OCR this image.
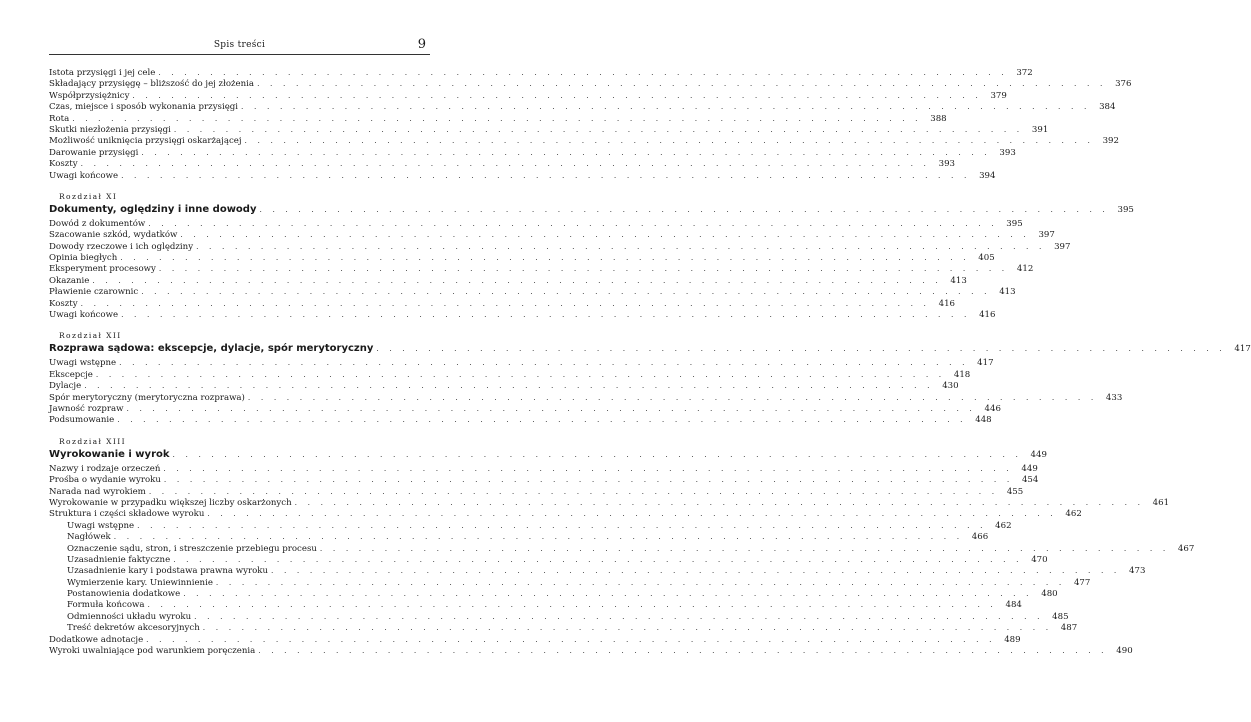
Spis treści	9
Istota przysięgi i jej cele . . . . . . . . . . . . . . . . . . . . . . . . . . . . . . . . . . . . . . . . . . . . . . . . . . . . . . . . . . . . . . . . . . 372
Składający przysięgę – bliższość do jej złożenia . . . . . . . . . . . . . . . . . . . . . . . . . . . . . . . . . . . . . . . . . . . . . . . . . . . . . . . . . . . . . . . . . . 376
Współprzysiężnicy . . . . . . . . . . . . . . . . . . . . . . . . . . . . . . . . . . . . . . . . . . . . . . . . . . . . . . . . . . . . . . . . . . 379
Czas, miejsce i sposób wykonania przysięgi . . . . . . . . . . . . . . . . . . . . . . . . . . . . . . . . . . . . . . . . . . . . . . . . . . . . . . . . . . . . . . . . . . 384
Rota . . . . . . . . . . . . . . . . . . . . . . . . . . . . . . . . . . . . . . . . . . . . . . . . . . . . . . . . . . . . . . . . . . 388
Skutki niezłożenia przysięgi . . . . . . . . . . . . . . . . . . . . . . . . . . . . . . . . . . . . . . . . . . . . . . . . . . . . . . . . . . . . . . . . . . 391
Możliwość uniknięcia przysięgi oskarżającej . . . . . . . . . . . . . . . . . . . . . . . . . . . . . . . . . . . . . . . . . . . . . . . . . . . . . . . . . . . . . . . . . . 392
Darowanie przysięgi . . . . . . . . . . . . . . . . . . . . . . . . . . . . . . . . . . . . . . . . . . . . . . . . . . . . . . . . . . . . . . . . . . 393
Koszty . . . . . . . . . . . . . . . . . . . . . . . . . . . . . . . . . . . . . . . . . . . . . . . . . . . . . . . . . . . . . . . . . . 393
Uwagi końcowe . . . . . . . . . . . . . . . . . . . . . . . . . . . . . . . . . . . . . . . . . . . . . . . . . . . . . . . . . . . . . . . . . . 394
Rozdział XI
Dokumenty, oględziny i inne dowody . . . . . . . . . . . . . . . . . . . . . . . . . . . . . . . . . . . . . . . . . . . . . . . . . . . . . . . . . . . . . . . . . . 395
Dowód z dokumentów . . . . . . . . . . . . . . . . . . . . . . . . . . . . . . . . . . . . . . . . . . . . . . . . . . . . . . . . . . . . . . . . . . 395
Szacowanie szkód, wydatków . . . . . . . . . . . . . . . . . . . . . . . . . . . . . . . . . . . . . . . . . . . . . . . . . . . . . . . . . . . . . . . . . . 397
Dowody rzeczowe i ich oględziny . . . . . . . . . . . . . . . . . . . . . . . . . . . . . . . . . . . . . . . . . . . . . . . . . . . . . . . . . . . . . . . . . . 397
Opinia biegłych . . . . . . . . . . . . . . . . . . . . . . . . . . . . . . . . . . . . . . . . . . . . . . . . . . . . . . . . . . . . . . . . . . 405
Eksperyment procesowy . . . . . . . . . . . . . . . . . . . . . . . . . . . . . . . . . . . . . . . . . . . . . . . . . . . . . . . . . . . . . . . . . . 412
Okazanie . . . . . . . . . . . . . . . . . . . . . . . . . . . . . . . . . . . . . . . . . . . . . . . . . . . . . . . . . . . . . . . . . . 413
Pławienie czarownic . . . . . . . . . . . . . . . . . . . . . . . . . . . . . . . . . . . . . . . . . . . . . . . . . . . . . . . . . . . . . . . . . . 413
Koszty . . . . . . . . . . . . . . . . . . . . . . . . . . . . . . . . . . . . . . . . . . . . . . . . . . . . . . . . . . . . . . . . . . 416
Uwagi końcowe . . . . . . . . . . . . . . . . . . . . . . . . . . . . . . . . . . . . . . . . . . . . . . . . . . . . . . . . . . . . . . . . . . 416
Rozdział XII
Rozprawa sądowa: ekscepcje, dylacje, spór merytoryczny . . . . . . . . . . . . . . . . . . . . . . . . . . . . . . . . . . . . . . . . . . . . . . . . . . . . . . . . . . . . . . . . . . 417
Uwagi wstępne . . . . . . . . . . . . . . . . . . . . . . . . . . . . . . . . . . . . . . . . . . . . . . . . . . . . . . . . . . . . . . . . . . 417
Ekscepcje . . . . . . . . . . . . . . . . . . . . . . . . . . . . . . . . . . . . . . . . . . . . . . . . . . . . . . . . . . . . . . . . . . 418
Dylacje . . . . . . . . . . . . . . . . . . . . . . . . . . . . . . . . . . . . . . . . . . . . . . . . . . . . . . . . . . . . . . . . . . 430
Spór merytoryczny (merytoryczna rozprawa) . . . . . . . . . . . . . . . . . . . . . . . . . . . . . . . . . . . . . . . . . . . . . . . . . . . . . . . . . . . . . . . . . . 433
Jawność rozpraw . . . . . . . . . . . . . . . . . . . . . . . . . . . . . . . . . . . . . . . . . . . . . . . . . . . . . . . . . . . . . . . . . . 446
Podsumowanie . . . . . . . . . . . . . . . . . . . . . . . . . . . . . . . . . . . . . . . . . . . . . . . . . . . . . . . . . . . . . . . . . . 448
Rozdział XIII
Wyrokowanie i wyrok . . . . . . . . . . . . . . . . . . . . . . . . . . . . . . . . . . . . . . . . . . . . . . . . . . . . . . . . . . . . . . . . . . 449
Nazwy i rodzaje orzeczeń . . . . . . . . . . . . . . . . . . . . . . . . . . . . . . . . . . . . . . . . . . . . . . . . . . . . . . . . . . . . . . . . . . 449
Prośba o wydanie wyroku . . . . . . . . . . . . . . . . . . . . . . . . . . . . . . . . . . . . . . . . . . . . . . . . . . . . . . . . . . . . . . . . . . 454
Narada nad wyrokiem . . . . . . . . . . . . . . . . . . . . . . . . . . . . . . . . . . . . . . . . . . . . . . . . . . . . . . . . . . . . . . . . . . 455
Wyrokowanie w przypadku większej liczby oskarżonych . . . . . . . . . . . . . . . . . . . . . . . . . . . . . . . . . . . . . . . . . . . . . . . . . . . . . . . . . . . . . . . . . . 461
Struktura i części składowe wyroku . . . . . . . . . . . . . . . . . . . . . . . . . . . . . . . . . . . . . . . . . . . . . . . . . . . . . . . . . . . . . . . . . . 462
Uwagi wstępne . . . . . . . . . . . . . . . . . . . . . . . . . . . . . . . . . . . . . . . . . . . . . . . . . . . . . . . . . . . . . . . . . . 462
Nagłówek . . . . . . . . . . . . . . . . . . . . . . . . . . . . . . . . . . . . . . . . . . . . . . . . . . . . . . . . . . . . . . . . . . 466
Oznaczenie sądu, stron, i streszczenie przebiegu procesu . . . . . . . . . . . . . . . . . . . . . . . . . . . . . . . . . . . . . . . . . . . . . . . . . . . . . . . . . . . . . . . . . . 467
Uzasadnienie faktyczne . . . . . . . . . . . . . . . . . . . . . . . . . . . . . . . . . . . . . . . . . . . . . . . . . . . . . . . . . . . . . . . . . . 470
Uzasadnienie kary i podstawa prawna wyroku . . . . . . . . . . . . . . . . . . . . . . . . . . . . . . . . . . . . . . . . . . . . . . . . . . . . . . . . . . . . . . . . . . 473
Wymierzenie kary. Uniewinnienie . . . . . . . . . . . . . . . . . . . . . . . . . . . . . . . . . . . . . . . . . . . . . . . . . . . . . . . . . . . . . . . . . . 477
Postanowienia dodatkowe . . . . . . . . . . . . . . . . . . . . . . . . . . . . . . . . . . . . . . . . . . . . . . . . . . . . . . . . . . . . . . . . . . 480
Formuła końcowa . . . . . . . . . . . . . . . . . . . . . . . . . . . . . . . . . . . . . . . . . . . . . . . . . . . . . . . . . . . . . . . . . . 484
Odmienności układu wyroku . . . . . . . . . . . . . . . . . . . . . . . . . . . . . . . . . . . . . . . . . . . . . . . . . . . . . . . . . . . . . . . . . . 485
Treść dekretów akcesoryjnych . . . . . . . . . . . . . . . . . . . . . . . . . . . . . . . . . . . . . . . . . . . . . . . . . . . . . . . . . . . . . . . . . . 487
Dodatkowe adnotacje . . . . . . . . . . . . . . . . . . . . . . . . . . . . . . . . . . . . . . . . . . . . . . . . . . . . . . . . . . . . . . . . . . 489
Wyroki uwalniające pod warunkiem poręczenia . . . . . . . . . . . . . . . . . . . . . . . . . . . . . . . . . . . . . . . . . . . . . . . . . . . . . . . . . . . . . . . . . . 490
